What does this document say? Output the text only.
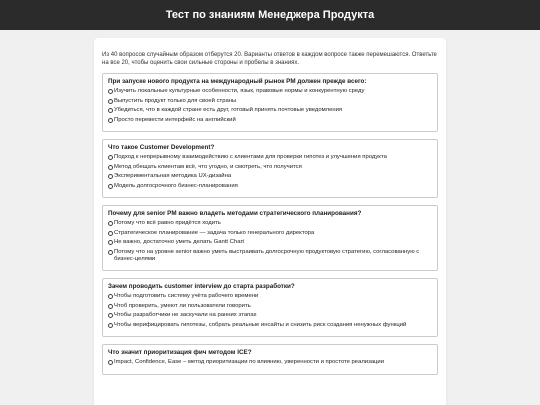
Тест по знаниям Менеджера Продукта

Из 40 вопросов случайным образом отберутся 20. Варианты ответов в каждом вопросе также перемешаются. Ответьте на все 20, чтобы оценить свои сильные стороны и пробелы в знаниях.

При запуске нового продукта на международный рынок PM должен прежде всего:
Изучить локальные культурные особенности, язык, правовые нормы и конкурентную среду
Выпустить продукт только для своей страны
Убедиться, что в каждой стране есть друг, готовый принять почтовые уведомления
Просто перевести интерфейс на английский
Что такое Customer Development?
Подход к непрерывному взаимодействию с клиентами для проверки гипотез и улучшения продукта
Метод обещать клиентам всё, что угодно, и смотреть, что получится
Экспериментальная методика UX-дизайна
Модель долгосрочного бизнес-планирования
Почему для senior PM важно владеть методами стратегического планирования?
Потому что всё равно придётся ходить
Стратегическое планирование — задача только генерального директора
Не важно, достаточно уметь делать Gantt Chart
Потому что на уровне senior важно уметь выстраивать долгосрочную продуктовую стратегию, согласованную с бизнес-целями
Зачем проводить customer interview до старта разработки?
Чтобы подготовить систему учёта рабочего времени
Чтоб проверить, умеют ли пользователи говорить
Чтобы разработчики не заскучали на ранних этапах
Чтобы верифицировать гипотезы, собрать реальные инсайты и снизить риск создания ненужных функций
Что значит приоритизация фич методом ICE?
Impact, Confidence, Ease – метод приоритизации по влиянию, уверенности и простоте реализации
